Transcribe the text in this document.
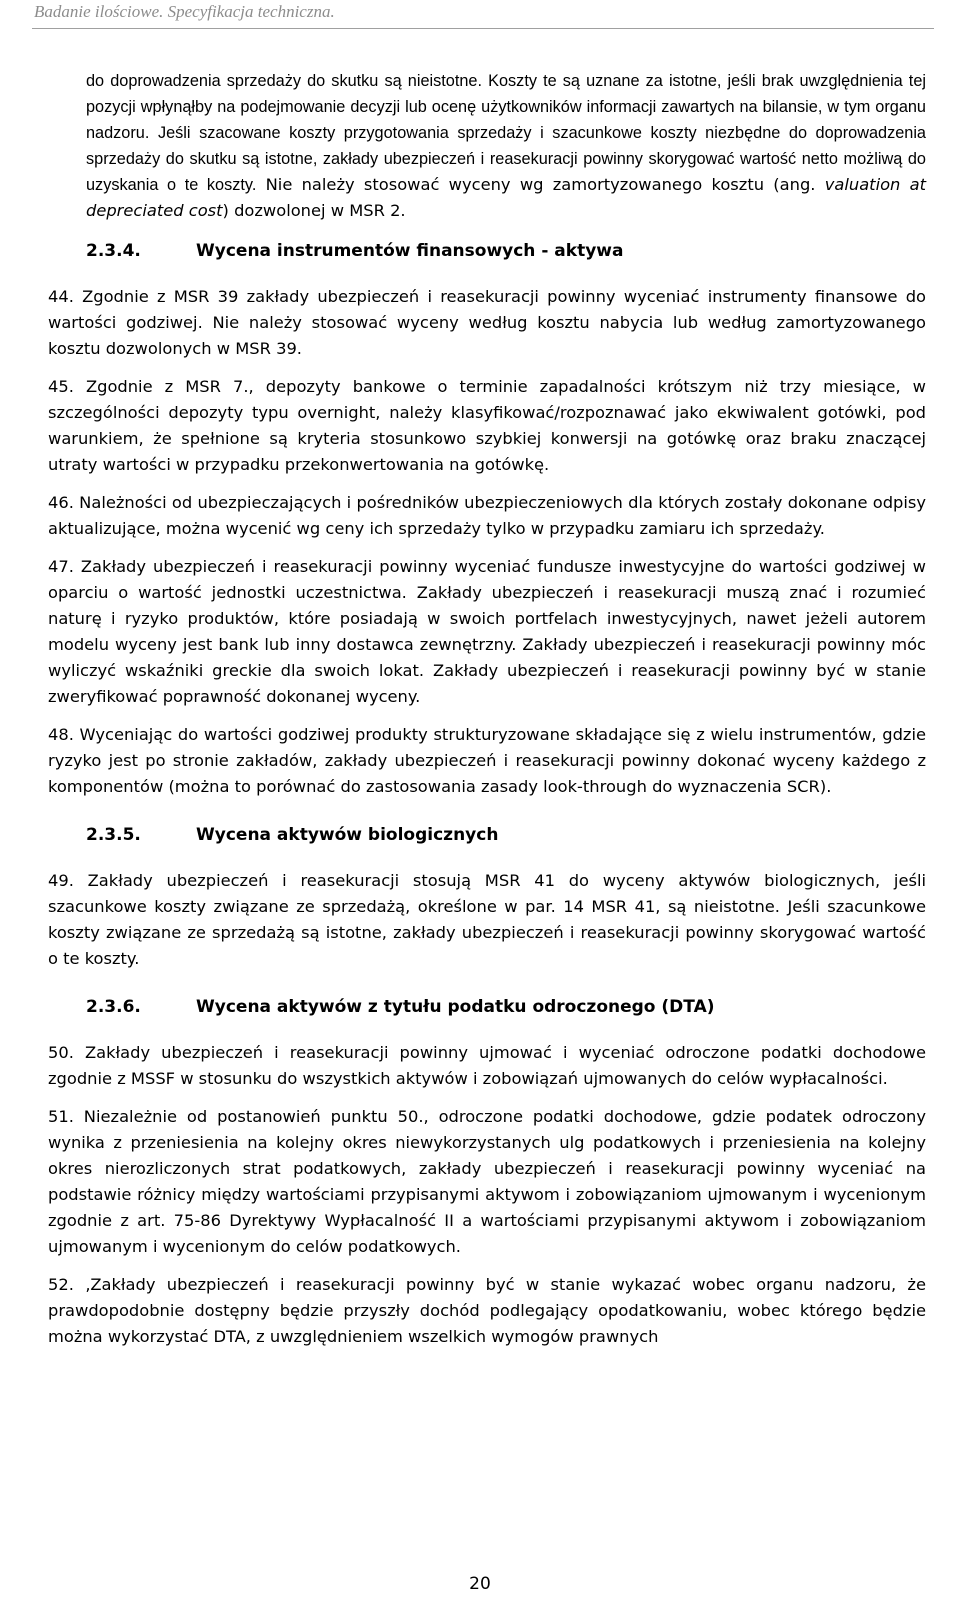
Badanie ilościowe. Specyfikacja techniczna.

do doprowadzenia sprzedaży do skutku są nieistotne. Koszty te są uznane za istotne, jeśli brak uwzględnienia tej pozycji wpłynąłby na podejmowanie decyzji lub ocenę użytkowników informacji zawartych na bilansie, w tym organu nadzoru. Jeśli szacowane koszty przygotowania sprzedaży i szacunkowe koszty niezbędne do doprowadzenia sprzedaży do skutku są istotne, zakłady ubezpieczeń i reasekuracji powinny skorygować wartość netto możliwą do uzyskania o te koszty. Nie należy stosować wyceny wg zamortyzowanego kosztu (ang. valuation at depreciated cost) dozwolonej w MSR 2.

2.3.4.	Wycena instrumentów finansowych - aktywa

44. Zgodnie z MSR 39 zakłady ubezpieczeń i reasekuracji powinny wyceniać instrumenty finansowe do wartości godziwej. Nie należy stosować wyceny według kosztu nabycia lub według zamortyzowanego kosztu dozwolonych w MSR 39.

45. Zgodnie z MSR 7., depozyty bankowe o terminie zapadalności krótszym niż trzy miesiące, w szczególności depozyty typu overnight, należy klasyfikować/rozpoznawać jako ekwiwalent gotówki, pod warunkiem, że spełnione są kryteria stosunkowo szybkiej konwersji na gotówkę oraz braku znaczącej utraty wartości w przypadku przekonwertowania na gotówkę.

46. Należności od ubezpieczających i pośredników ubezpieczeniowych dla których zostały dokonane odpisy aktualizujące, można wycenić wg ceny ich sprzedaży tylko w przypadku zamiaru ich sprzedaży.

47. Zakłady ubezpieczeń i reasekuracji powinny wyceniać fundusze inwestycyjne do wartości godziwej w oparciu o wartość jednostki uczestnictwa. Zakłady ubezpieczeń i reasekuracji muszą znać i rozumieć naturę i ryzyko produktów, które posiadają w swoich portfelach inwestycyjnych, nawet jeżeli autorem modelu wyceny jest bank lub inny dostawca zewnętrzny. Zakłady ubezpieczeń i reasekuracji powinny móc wyliczyć wskaźniki greckie dla swoich lokat. Zakłady ubezpieczeń i reasekuracji powinny być w stanie zweryfikować poprawność dokonanej wyceny.

48. Wyceniając do wartości godziwej produkty strukturyzowane składające się z wielu instrumentów, gdzie ryzyko jest po stronie zakładów, zakłady ubezpieczeń i reasekuracji powinny dokonać wyceny każdego z komponentów (można to porównać do zastosowania zasady look-through do wyznaczenia SCR).

2.3.5.	Wycena aktywów biologicznych

49. Zakłady ubezpieczeń i reasekuracji stosują MSR 41 do wyceny aktywów biologicznych, jeśli szacunkowe koszty związane ze sprzedażą, określone w par. 14 MSR 41, są nieistotne. Jeśli szacunkowe koszty związane ze sprzedażą są istotne, zakłady ubezpieczeń i reasekuracji powinny skorygować wartość o te koszty.

2.3.6.	Wycena aktywów z tytułu podatku odroczonego (DTA)

50. Zakłady ubezpieczeń i reasekuracji powinny ujmować i wyceniać odroczone podatki dochodowe zgodnie z MSSF w stosunku do wszystkich aktywów i zobowiązań ujmowanych do celów wypłacalności.

51. Niezależnie od postanowień punktu 50., odroczone podatki dochodowe, gdzie podatek odroczony wynika z przeniesienia na kolejny okres niewykorzystanych ulg podatkowych i przeniesienia na kolejny okres nierozliczonych strat podatkowych, zakłady ubezpieczeń i reasekuracji powinny wyceniać na podstawie różnicy między wartościami przypisanymi aktywom i zobowiązaniom ujmowanym i wycenionym zgodnie z art. 75-86 Dyrektywy Wypłacalność II a wartościami przypisanymi aktywom i zobowiązaniom ujmowanym i wycenionym do celów podatkowych.

52. ‚Zakłady ubezpieczeń i reasekuracji powinny być w stanie wykazać wobec organu nadzoru, że prawdopodobnie dostępny będzie przyszły dochód podlegający opodatkowaniu, wobec którego będzie można wykorzystać DTA, z uwzględnieniem wszelkich wymogów prawnych

20
